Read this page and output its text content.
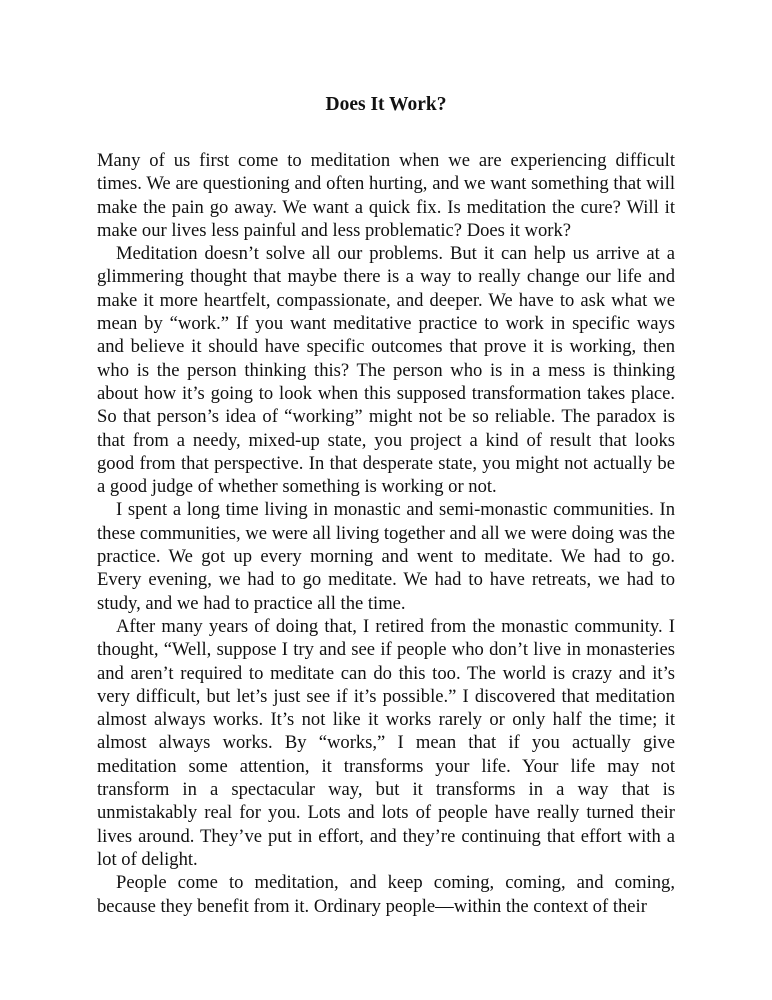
Does It Work?

Many of us first come to meditation when we are experiencing difficult times. We are questioning and often hurting, and we want something that will make the pain go away. We want a quick fix. Is meditation the cure? Will it make our lives less painful and less problematic? Does it work?

Meditation doesn’t solve all our problems. But it can help us arrive at a glimmering thought that maybe there is a way to really change our life and make it more heartfelt, compassionate, and deeper. We have to ask what we mean by “work.” If you want meditative practice to work in specific ways and believe it should have specific outcomes that prove it is working, then who is the person thinking this? The person who is in a mess is thinking about how it’s going to look when this supposed transformation takes place. So that person’s idea of “working” might not be so reliable. The paradox is that from a needy, mixed-up state, you project a kind of result that looks good from that perspective. In that desperate state, you might not actually be a good judge of whether something is working or not.

I spent a long time living in monastic and semi-monastic communities. In these communities, we were all living together and all we were doing was the practice. We got up every morning and went to meditate. We had to go. Every evening, we had to go meditate. We had to have retreats, we had to study, and we had to practice all the time.

After many years of doing that, I retired from the monastic community. I thought, “Well, suppose I try and see if people who don’t live in monasteries and aren’t required to meditate can do this too. The world is crazy and it’s very difficult, but let’s just see if it’s possible.” I discovered that meditation almost always works. It’s not like it works rarely or only half the time; it almost always works. By “works,” I mean that if you actually give meditation some attention, it transforms your life. Your life may not transform in a spectacular way, but it transforms in a way that is unmistakably real for you. Lots and lots of people have really turned their lives around. They’ve put in effort, and they’re continuing that effort with a lot of delight.

People come to meditation, and keep coming, coming, and coming, because they benefit from it. Ordinary people—within the context of their
